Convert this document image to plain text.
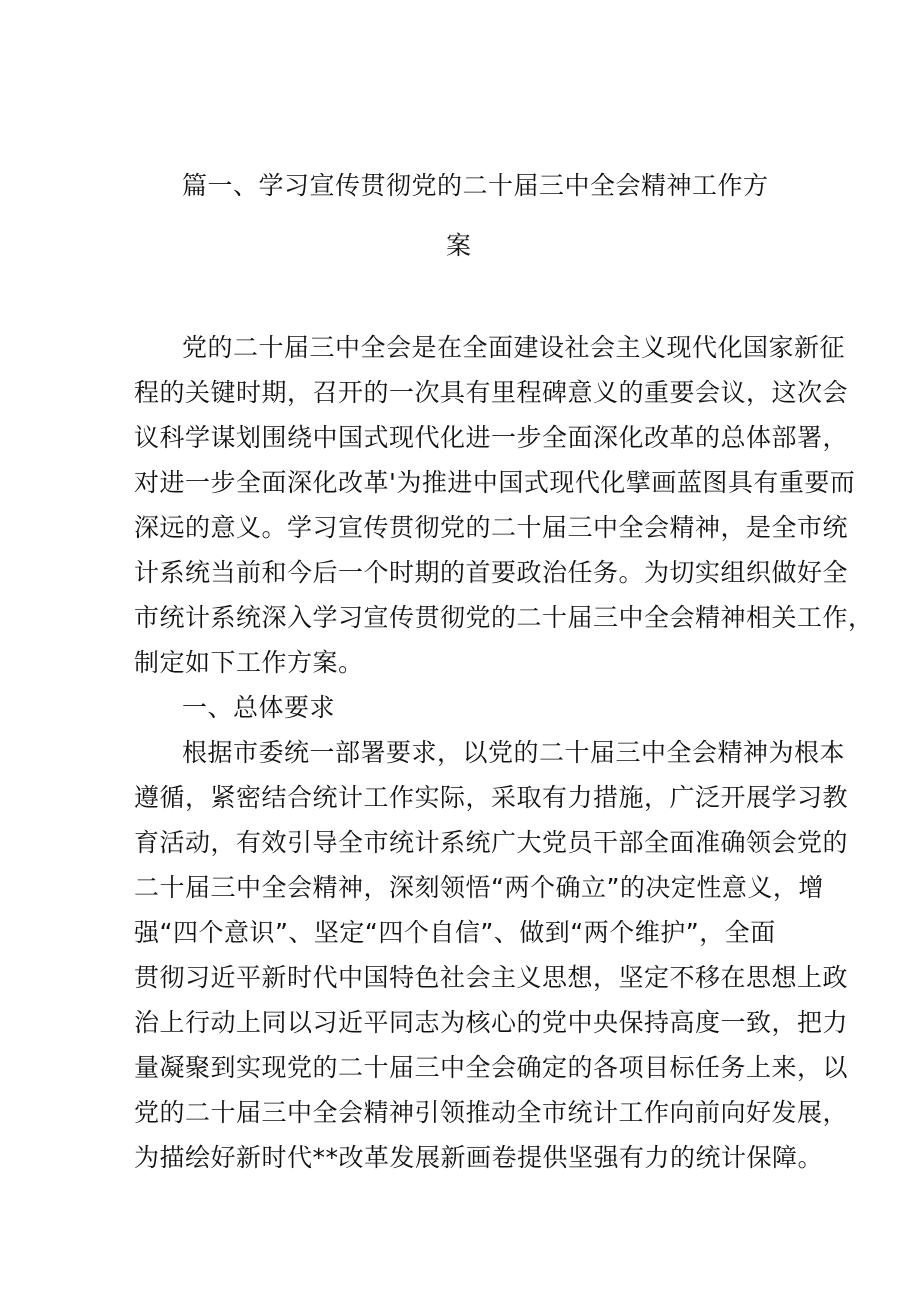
篇一、学习宣传贯彻党的二十届三中全会精神工作方
案
党的二十届三中全会是在全面建设社会主义现代化国家新征
程的关键时期，召开的一次具有里程碑意义的重要会议，这次会
议科学谋划围绕中国式现代化进一步全面深化改革的总体部署，
对进一步全面深化改革'为推进中国式现代化擘画蓝图具有重要而
深远的意义。学习宣传贯彻党的二十届三中全会精神，是全市统
计系统当前和今后一个时期的首要政治任务。为切实组织做好全
市统计系统深入学习宣传贯彻党的二十届三中全会精神相关工作，
制定如下工作方案。
一、总体要求
根据市委统一部署要求，以党的二十届三中全会精神为根本
遵循，紧密结合统计工作实际，采取有力措施，广泛开展学习教
育活动，有效引导全市统计系统广大党员干部全面准确领会党的
二十届三中全会精神，深刻领悟“两个确立”的决定性意义，增
强“四个意识”、坚定“四个自信”、做到“两个维护”，全面
贯彻习近平新时代中国特色社会主义思想，坚定不移在思想上政
治上行动上同以习近平同志为核心的党中央保持高度一致，把力
量凝聚到实现党的二十届三中全会确定的各项目标任务上来，以
党的二十届三中全会精神引领推动全市统计工作向前向好发展，
为描绘好新时代**改革发展新画卷提供坚强有力的统计保障。
